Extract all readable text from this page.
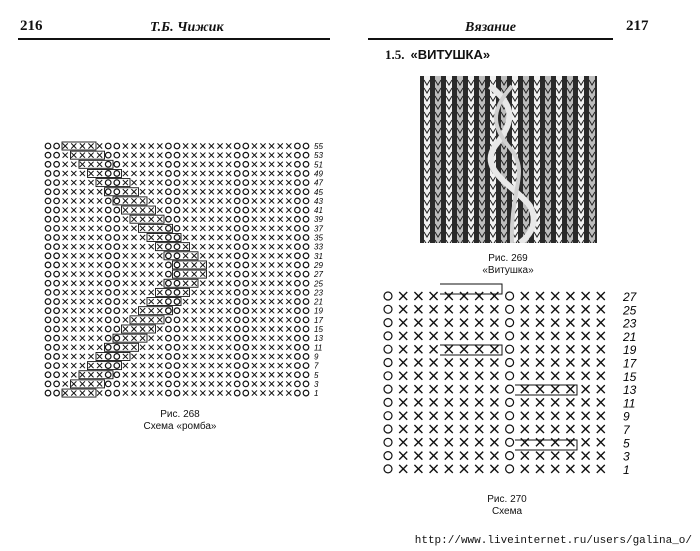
216	Т.Б. Чижик
55
53
51
49
47
45
43
41
39
37
35
33
31
29
27
25
23
21
19
17
15
13
11
9
7
5
3
1
Рис. 268
Схема «ромба»
Вязание	217
1.5. «ВИТУШКА»
Рис. 269
«Витушка»
27
25
23
21
19
17
15
13
11
9
7
5
3
1
Рис. 270
Схема
http://www.liveinternet.ru/users/galina_o/
